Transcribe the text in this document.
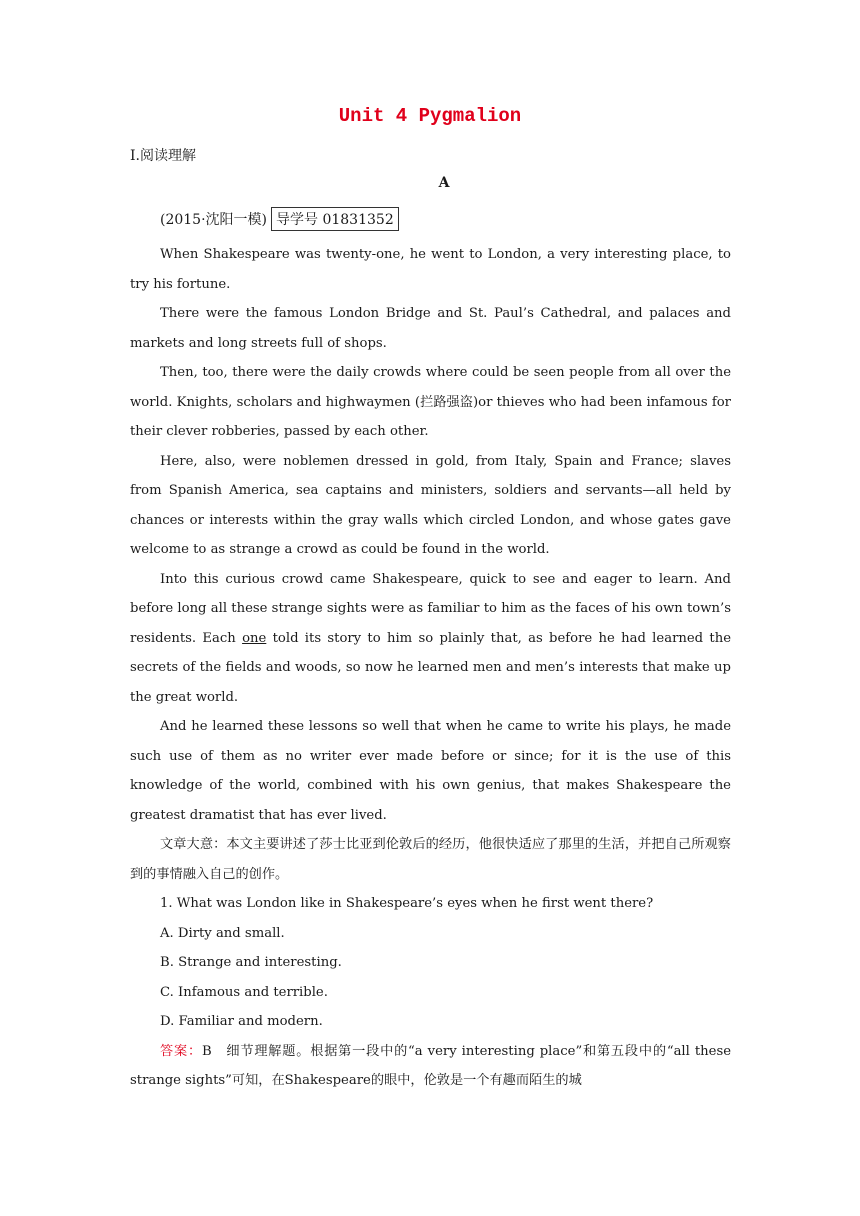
Unit 4 Pygmalion
Ⅰ.阅读理解
A
(2015·沈阳一模) 导学号 01831352

When Shakespeare was twenty-one, he went to London, a very interesting place, to try his fortune.

There were the famous London Bridge and St. Paul’s Cathedral, and palaces and markets and long streets full of shops.

Then, too, there were the daily crowds where could be seen people from all over the world. Knights, scholars and highwaymen (拦路强盗)or thieves who had been infamous for their clever robberies, passed by each other.

Here, also, were noblemen dressed in gold, from Italy, Spain and France; slaves from Spanish America, sea captains and ministers, soldiers and servants—all held by chances or interests within the gray walls which circled London, and whose gates gave welcome to as strange a crowd as could be found in the world.

Into this curious crowd came Shakespeare, quick to see and eager to learn. And before long all these strange sights were as familiar to him as the faces of his own town’s residents. Each one told its story to him so plainly that, as before he had learned the secrets of the fields and woods, so now he learned men and men’s interests that make up the great world.

And he learned these lessons so well that when he came to write his plays, he made such use of them as no writer ever made before or since; for it is the use of this knowledge of the world, combined with his own genius, that makes Shakespeare the greatest dramatist that has ever lived.

文章大意：本文主要讲述了莎士比亚到伦敦后的经历，他很快适应了那里的生活，并把自己所观察到的事情融入自己的创作。

1. What was London like in Shakespeare’s eyes when he first went there?

A. Dirty and small.

B. Strange and interesting.

C. Infamous and terrible.

D. Familiar and modern.

答案：B　细节理解题。根据第一段中的“a very interesting place”和第五段中的“all these strange sights”可知，在Shakespeare的眼中，伦敦是一个有趣而陌生的城
